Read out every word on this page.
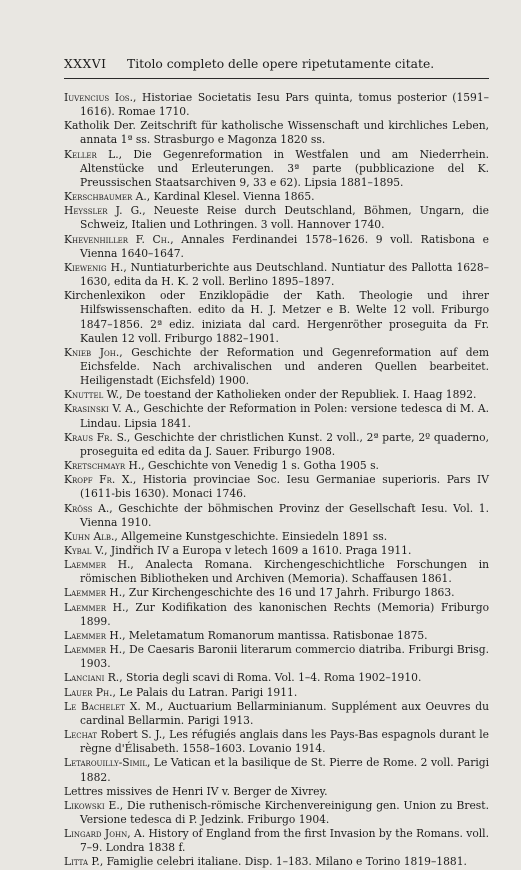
XXXVI Titolo completo delle opere ripetutamente citate.
Iuvencius Ios., Historiae Societatis Iesu Pars quinta, tomus posterior (1591–1616). Romae 1710.
Katholik Der. Zeitschrift für katholische Wissenschaft und kirchliches Leben, annata 1ª ss. Strasburgo e Magonza 1820 ss.
Keller L., Die Gegenreformation in Westfalen und am Niederrhein. Altenstücke und Erleuterungen. 3ª parte (pubblicazione del K. Preussischen Staatsarchiven 9, 33 e 62). Lipsia 1881–1895.
Kerschbaumer A., Kardinal Klesel. Vienna 1865.
Heyssler J. G., Neueste Reise durch Deutschland, Böhmen, Ungarn, die Schweiz, Italien und Lothringen. 3 voll. Hannover 1740.
Khevenhiller F. Ch., Annales Ferdinandei 1578–1626. 9 voll. Ratisbona e Vienna 1640–1647.
Kiewenig H., Nuntiaturberichte aus Deutschland. Nuntiatur des Pallotta 1628–1630, edita da H. K. 2 voll. Berlino 1895–1897.
Kirchenlexikon oder Enziklopädie der Kath. Theologie und ihrer Hilfswissenschaften. edito da H. J. Metzer e B. Welte 12 voll. Friburgo 1847–1856. 2ª ediz. iniziata dal card. Hergenröther proseguita da Fr. Kaulen 12 voll. Friburgo 1882–1901.
Knieb Joh., Geschichte der Reformation und Gegenreformation auf dem Eichsfelde. Nach archivalischen und anderen Quellen bearbeitet. Heiligenstadt (Eichsfeld) 1900.
Knuttel W., De toestand der Katholieken onder der Republiek. I. Haag 1892.
Krasinski V. A., Geschichte der Reformation in Polen: versione tedesca di M. A. Lindau. Lipsia 1841.
Kraus Fr. S., Geschichte der christlichen Kunst. 2 voll., 2ª parte, 2º quaderno, proseguita ed edita da J. Sauer. Friburgo 1908.
Kretschmayr H., Geschichte von Venedig 1 s. Gotha 1905 s.
Kropf Fr. X., Historia provinciae Soc. Iesu Germaniae superioris. Pars IV (1611-bis 1630). Monaci 1746.
Kröss A., Geschichte der böhmischen Provinz der Gesellschaft Iesu. Vol. 1. Vienna 1910.
Kuhn Alb., Allgemeine Kunstgeschichte. Einsiedeln 1891 ss.
Kybal V., Jindřich IV a Europa v letech 1609 a 1610. Praga 1911.
Laemmer H., Analecta Romana. Kirchengeschichtliche Forschungen in römischen Bibliotheken und Archiven (Memoria). Schaffausen 1861.
Laemmer H., Zur Kirchengeschichte des 16 und 17 Jahrh. Friburgo 1863.
Laemmer H., Zur Kodifikation des kanonischen Rechts (Memoria) Friburgo 1899.
Laemmer H., Meletamatum Romanorum mantissa. Ratisbonae 1875.
Laemmer H., De Caesaris Baronii literarum commercio diatriba. Friburgi Brisg. 1903.
Lanciani R., Storia degli scavi di Roma. Vol. 1–4. Roma 1902–1910.
Lauer Ph., Le Palais du Latran. Parigi 1911.
Le Bachelet X. M., Auctuarium Bellarminianum. Supplément aux Oeuvres du cardinal Bellarmin. Parigi 1913.
Lechat Robert S. J., Les réfugiés anglais dans les Pays-Bas espagnols durant le règne d'Élisabeth. 1558–1603. Lovanio 1914.
Letarouilly-Simil, Le Vatican et la basilique de St. Pierre de Rome. 2 voll. Parigi 1882.
Lettres missives de Henri IV v. Berger de Xivrey.
Likowski E., Die ruthenisch-römische Kirchenvereinigung gen. Union zu Brest. Versione tedesca di P. Jedzink. Friburgo 1904.
Lingard John, A. History of England from the first Invasion by the Romans. voll. 7–9. Londra 1838 f.
Litta P., Famiglie celebri italiane. Disp. 1–183. Milano e Torino 1819–1881.
